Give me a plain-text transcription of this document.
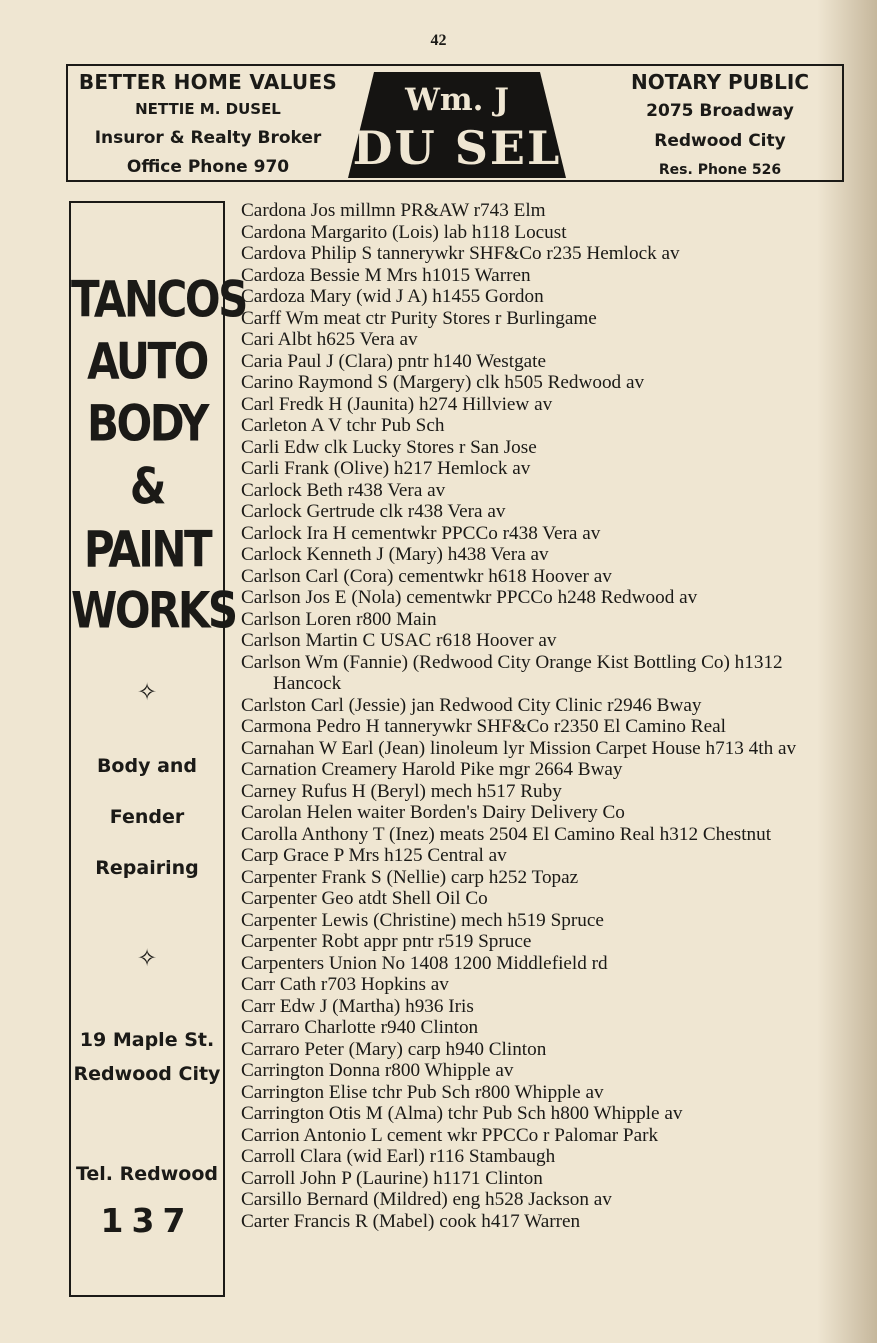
42
BETTER HOME VALUES
NETTIE M. DUSEL
Insuror & Realty Broker
Office Phone 970
Wm. J
DU SEL
NOTARY PUBLIC
2075 Broadway
Redwood City
Res. Phone 526
TANCOS
AUTO
BODY
&
PAINT
WORKS
✧
Body and
Fender
Repairing
✧
19 Maple St.
Redwood City
Tel. Redwood
137
Cardona Jos millmn PR&AW r743 Elm
Cardona Margarito (Lois) lab h118 Locust
Cardova Philip S tannerywkr SHF&Co r235 Hemlock av
Cardoza Bessie M Mrs h1015 Warren
Cardoza Mary (wid J A) h1455 Gordon
Carff Wm meat ctr Purity Stores r Burlingame
Cari Albt h625 Vera av
Caria Paul J (Clara) pntr h140 Westgate
Carino Raymond S (Margery) clk h505 Redwood av
Carl Fredk H (Jaunita) h274 Hillview av
Carleton A V tchr Pub Sch
Carli Edw clk Lucky Stores r San Jose
Carli Frank (Olive) h217 Hemlock av
Carlock Beth r438 Vera av
Carlock Gertrude clk r438 Vera av
Carlock Ira H cementwkr PPCCo r438 Vera av
Carlock Kenneth J (Mary) h438 Vera av
Carlson Carl (Cora) cementwkr h618 Hoover av
Carlson Jos E (Nola) cementwkr PPCCo h248 Redwood av
Carlson Loren r800 Main
Carlson Martin C USAC r618 Hoover av
Carlson Wm (Fannie) (Redwood City Orange Kist Bottling Co) h1312 Hancock
Carlston Carl (Jessie) jan Redwood City Clinic r2946 Bway
Carmona Pedro H tannerywkr SHF&Co r2350 El Camino Real
Carnahan W Earl (Jean) linoleum lyr Mission Carpet House h713 4th av
Carnation Creamery Harold Pike mgr 2664 Bway
Carney Rufus H (Beryl) mech h517 Ruby
Carolan Helen waiter Borden's Dairy Delivery Co
Carolla Anthony T (Inez) meats 2504 El Camino Real h312 Chestnut
Carp Grace P Mrs h125 Central av
Carpenter Frank S (Nellie) carp h252 Topaz
Carpenter Geo atdt Shell Oil Co
Carpenter Lewis (Christine) mech h519 Spruce
Carpenter Robt appr pntr r519 Spruce
Carpenters Union No 1408 1200 Middlefield rd
Carr Cath r703 Hopkins av
Carr Edw J (Martha) h936 Iris
Carraro Charlotte r940 Clinton
Carraro Peter (Mary) carp h940 Clinton
Carrington Donna r800 Whipple av
Carrington Elise tchr Pub Sch r800 Whipple av
Carrington Otis M (Alma) tchr Pub Sch h800 Whipple av
Carrion Antonio L cement wkr PPCCo r Palomar Park
Carroll Clara (wid Earl) r116 Stambaugh
Carroll John P (Laurine) h1171 Clinton
Carsillo Bernard (Mildred) eng h528 Jackson av
Carter Francis R (Mabel) cook h417 Warren
